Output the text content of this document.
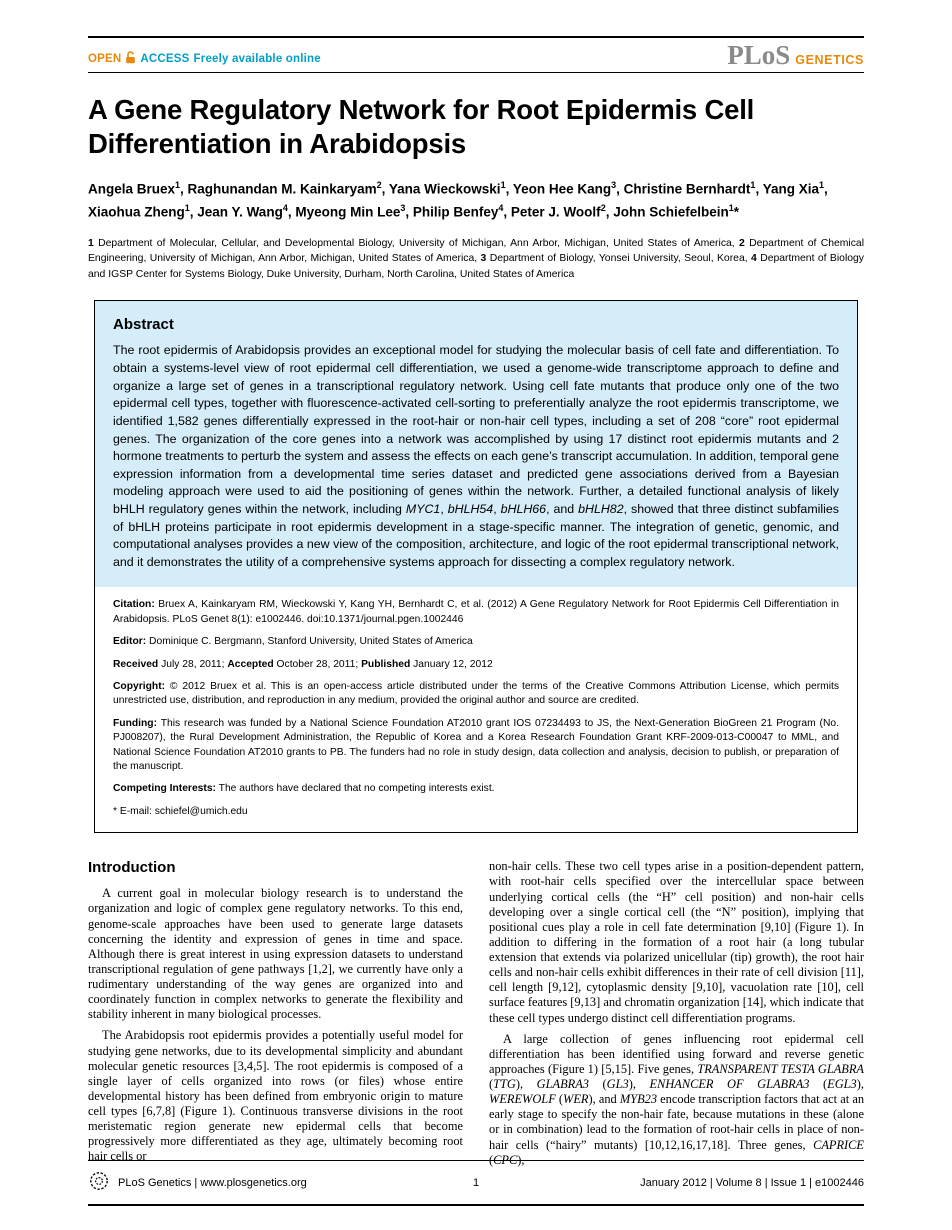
OPEN ACCESS Freely available online	PLoS GENETICS
A Gene Regulatory Network for Root Epidermis Cell Differentiation in Arabidopsis

Angela Bruex$^1$, Raghunandan M. Kainkaryam$^2$, Yana Wieckowski$^1$, Yeon Hee Kang$^3$, Christine Bernhardt$^1$, Yang Xia$^1$, Xiaohua Zheng$^1$, Jean Y. Wang$^4$, Myeong Min Lee$^3$, Philip Benfey$^4$, Peter J. Woolf$^2$, John Schiefelbein$^1$*

1 Department of Molecular, Cellular, and Developmental Biology, University of Michigan, Ann Arbor, Michigan, United States of America, 2 Department of Chemical Engineering, University of Michigan, Ann Arbor, Michigan, United States of America, 3 Department of Biology, Yonsei University, Seoul, Korea, 4 Department of Biology and IGSP Center for Systems Biology, Duke University, Durham, North Carolina, United States of America

Abstract

The root epidermis of Arabidopsis provides an exceptional model for studying the molecular basis of cell fate and differentiation. To obtain a systems-level view of root epidermal cell differentiation, we used a genome-wide transcriptome approach to define and organize a large set of genes in a transcriptional regulatory network. Using cell fate mutants that produce only one of the two epidermal cell types, together with fluorescence-activated cell-sorting to preferentially analyze the root epidermis transcriptome, we identified 1,582 genes differentially expressed in the root-hair or non-hair cell types, including a set of 208 “core” root epidermal genes. The organization of the core genes into a network was accomplished by using 17 distinct root epidermis mutants and 2 hormone treatments to perturb the system and assess the effects on each gene’s transcript accumulation. In addition, temporal gene expression information from a developmental time series dataset and predicted gene associations derived from a Bayesian modeling approach were used to aid the positioning of genes within the network. Further, a detailed functional analysis of likely bHLH regulatory genes within the network, including MYC1, bHLH54, bHLH66, and bHLH82, showed that three distinct subfamilies of bHLH proteins participate in root epidermis development in a stage-specific manner. The integration of genetic, genomic, and computational analyses provides a new view of the composition, architecture, and logic of the root epidermal transcriptional network, and it demonstrates the utility of a comprehensive systems approach for dissecting a complex regulatory network.

Citation: Bruex A, Kainkaryam RM, Wieckowski Y, Kang YH, Bernhardt C, et al. (2012) A Gene Regulatory Network for Root Epidermis Cell Differentiation in Arabidopsis. PLoS Genet 8(1): e1002446. doi:10.1371/journal.pgen.1002446

Editor: Dominique C. Bergmann, Stanford University, United States of America

Received July 28, 2011; Accepted October 28, 2011; Published January 12, 2012

Copyright: © 2012 Bruex et al. This is an open-access article distributed under the terms of the Creative Commons Attribution License, which permits unrestricted use, distribution, and reproduction in any medium, provided the original author and source are credited.

Funding: This research was funded by a National Science Foundation AT2010 grant IOS 07234493 to JS, the Next-Generation BioGreen 21 Program (No. PJ008207), the Rural Development Administration, the Republic of Korea and a Korea Research Foundation Grant KRF-2009-013-C00047 to MML, and National Science Foundation AT2010 grants to PB. The funders had no role in study design, data collection and analysis, decision to publish, or preparation of the manuscript.

Competing Interests: The authors have declared that no competing interests exist.

* E-mail: schiefel@umich.edu

Introduction

A current goal in molecular biology research is to understand the organization and logic of complex gene regulatory networks. To this end, genome-scale approaches have been used to generate large datasets concerning the identity and expression of genes in time and space. Although there is great interest in using expression datasets to understand transcriptional regulation of gene pathways [1,2], we currently have only a rudimentary understanding of the way genes are organized into and coordinately function in complex networks to generate the flexibility and stability inherent in many biological processes.

The Arabidopsis root epidermis provides a potentially useful model for studying gene networks, due to its developmental simplicity and abundant molecular genetic resources [3,4,5]. The root epidermis is composed of a single layer of cells organized into rows (or files) whose entire developmental history has been defined from embryonic origin to mature cell types [6,7,8] (Figure 1). Continuous transverse divisions in the root meristematic region generate new epidermal cells that become progressively more differentiated as they age, ultimately becoming root hair cells or

non-hair cells. These two cell types arise in a position-dependent pattern, with root-hair cells specified over the intercellular space between underlying cortical cells (the “H” cell position) and non-hair cells developing over a single cortical cell (the “N” position), implying that positional cues play a role in cell fate determination [9,10] (Figure 1). In addition to differing in the formation of a root hair (a long tubular extension that extends via polarized unicellular (tip) growth), the root hair cells and non-hair cells exhibit differences in their rate of cell division [11], cell length [9,12], cytoplasmic density [9,10], vacuolation rate [10], cell surface features [9,13] and chromatin organization [14], which indicate that these cell types undergo distinct cell differentiation programs.

A large collection of genes influencing root epidermal cell differentiation has been identified using forward and reverse genetic approaches (Figure 1) [5,15]. Five genes, TRANSPARENT TESTA GLABRA (TTG), GLABRA3 (GL3), ENHANCER OF GLABRA3 (EGL3), WEREWOLF (WER), and MYB23 encode transcription factors that act at an early stage to specify the non-hair fate, because mutations in these (alone or in combination) lead to the formation of root-hair cells in place of non-hair cells (“hairy” mutants) [10,12,16,17,18]. Three genes, CAPRICE (CPC),

PLoS Genetics | www.plosgenetics.org	1	January 2012 | Volume 8 | Issue 1 | e1002446
